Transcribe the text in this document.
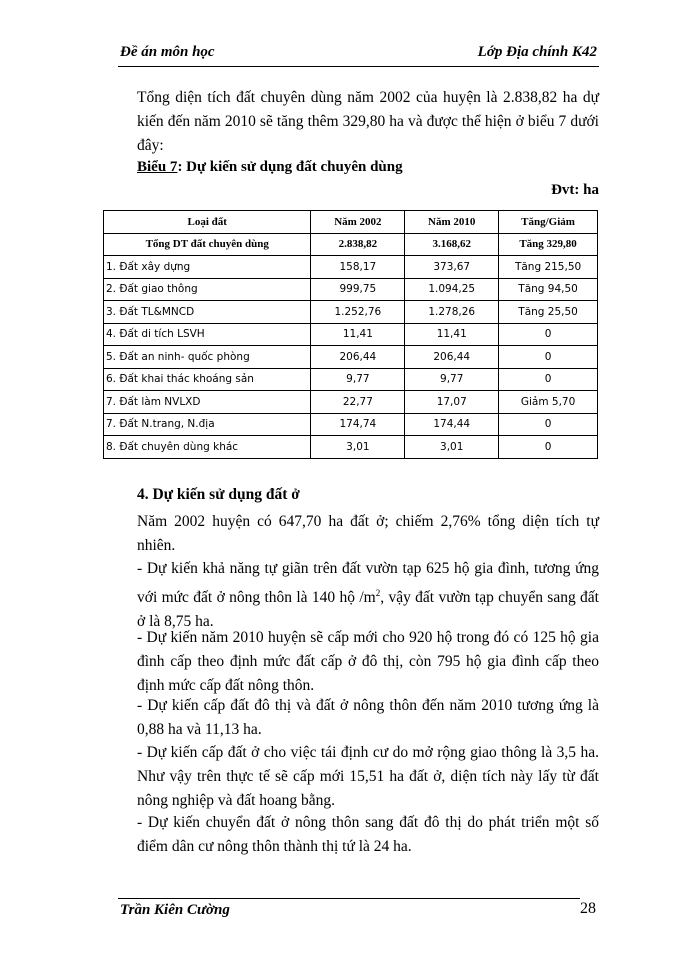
Đề án môn học	Lớp Địa chính K42
Tổng diện tích đất chuyên dùng năm 2002 của huyện là 2.838,82 ha dự kiến đến năm 2010 sẽ tăng thêm 329,80 ha và được thể hiện ở biểu 7 dưới đây:
Biểu 7: Dự kiến sử dụng đất chuyên dùng
Đvt: ha
Loại đất	Năm 2002	Năm 2010	Tăng/Giảm
Tổng DT đất chuyên dùng	2.838,82	3.168,62	Tăng 329,80
1. Đất xây dựng	158,17	373,67	Tăng 215,50
2. Đất giao thông	999,75	1.094,25	Tăng 94,50
3. Đất TL&MNCD	1.252,76	1.278,26	Tăng 25,50
4. Đất di tích LSVH	11,41	11,41	0
5. Đất an ninh- quốc phòng	206,44	206,44	0
6. Đất khai thác khoáng sản	9,77	9,77	0
7. Đất làm NVLXD	22,77	17,07	Giảm 5,70
7. Đất N.trang, N.địa	174,74	174,44	0
8. Đất chuyên dùng khác	3,01	3,01	0
4. Dự kiến sử dụng đất ở
Năm 2002 huyện có 647,70 ha đất ở; chiếm 2,76% tổng diện tích tự nhiên.
- Dự kiến khả năng tự giãn trên đất vườn tạp 625 hộ gia đình, tương ứng với mức đất ở nông thôn là 140 hộ $/m^2$, vậy đất vườn tạp chuyển sang đất ở là 8,75 ha.
- Dự kiến năm 2010 huyện sẽ cấp mới cho 920 hộ trong đó có 125 hộ gia đình cấp theo định mức đất cấp ở đô thị, còn 795 hộ gia đình cấp theo định mức cấp đất nông thôn.
- Dự kiến cấp đất đô thị và đất ở nông thôn đến năm 2010 tương ứng là 0,88 ha và 11,13 ha.
- Dự kiến cấp đất ở cho việc tái định cư do mở rộng giao thông là 3,5 ha. Như vậy trên thực tế sẽ cấp mới 15,51 ha đất ở, diện tích này lấy từ đất nông nghiệp và đất hoang bằng.
- Dự kiến chuyển đất ở nông thôn sang đất đô thị do phát triển một số điểm dân cư nông thôn thành thị tứ là 24 ha.
Trần Kiên Cường	28
